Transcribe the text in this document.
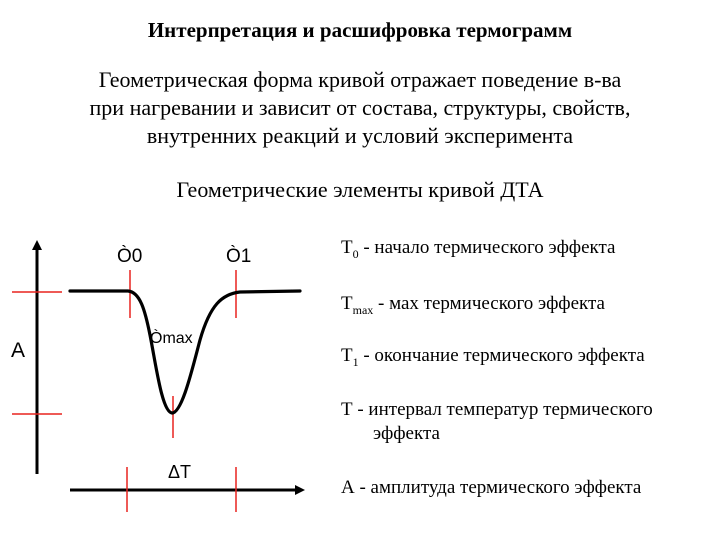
Интерпретация и расшифровка термограмм
Геометрическая форма кривой отражает поведение в-ва
при нагревании и зависит от состава, структуры, свойств,
внутренних реакций и условий эксперимента
Геометрические элементы кривой ДТА
Ò0	Ò1
Òmax
A
ΔT
$T_0$ - начало термического эффекта
$T_{max}$ - мах термического эффекта
$T_1$ - окончание термического эффекта
Т - интервал температур термического
эффекта
А - амплитуда термического эффекта
